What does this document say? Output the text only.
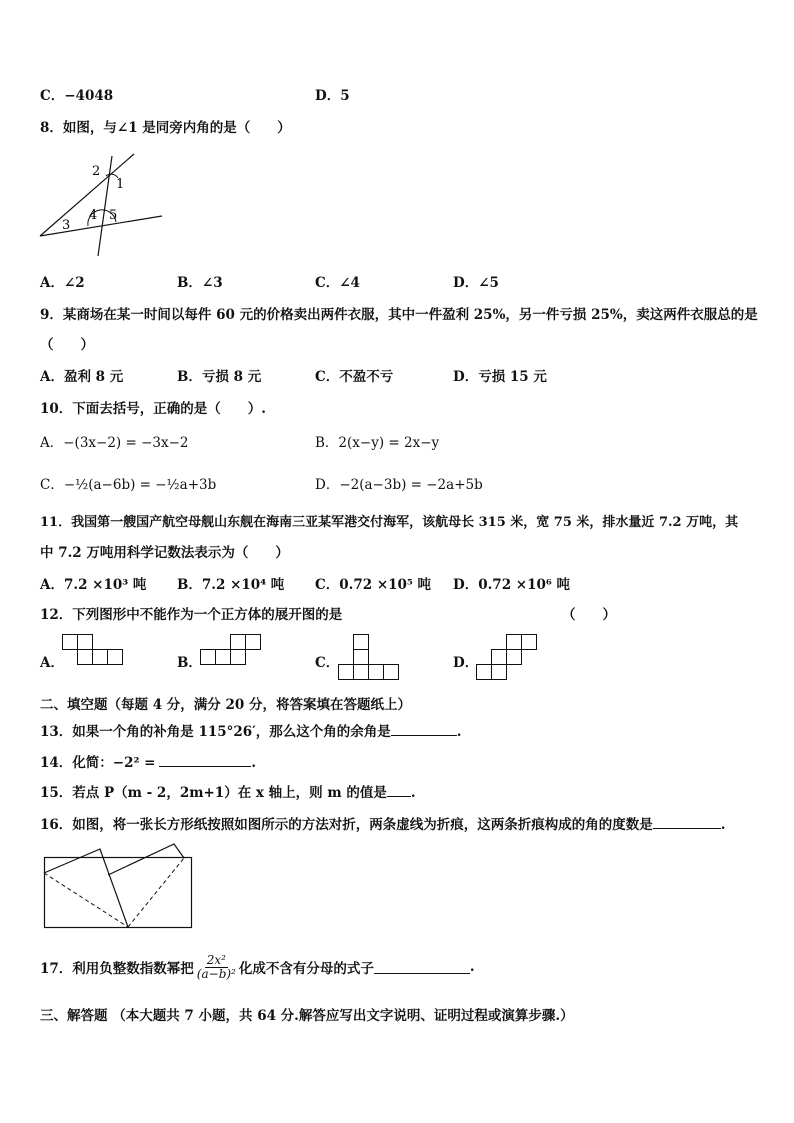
C．−4048	D．5
8．如图，与∠1 是同旁内角的是（　　）
2
1
3
4 5
A．∠2	B．∠3	C．∠4	D．∠5
9．某商场在某一时间以每件 60 元的价格卖出两件衣服，其中一件盈利 25%，另一件亏损 25%，卖这两件衣服总的是
（　　）
A．盈利 8 元	B．亏损 8 元	C．不盈不亏	D．亏损 15 元
10．下面去括号，正确的是（　　）.
A．−(3x−2) = −3x−2	B．2(x−y) = 2x−y
C．−½(a−6b) = −½a+3b	D．−2(a−3b) = −2a+5b
11．我国第一艘国产航空母舰山东舰在海南三亚某军港交付海军，该航母长 315 米，宽 75 米，排水量近 7.2 万吨，其
中 7.2 万吨用科学记数法表示为（　　）
A．7.2 ×10³ 吨 B．7.2 ×10⁴ 吨 C．0.72 ×10⁵ 吨 D．0.72 ×10⁶ 吨
12．下列图形中不能作为一个正方体的展开图的是	（　　）
A．	B．	C．	D．
二、填空题（每题 4 分，满分 20 分，将答案填在答题纸上）
13．如果一个角的补角是 115°26′，那么这个角的余角是	.
14．化简：−2² =	.
15．若点 P（m - 2，2m+1）在 x 轴上，则 m 的值是 .
16．如图，将一张长方形纸按照如图所示的方法对折，两条虚线为折痕，这两条折痕构成的角的度数是	.
17．利用负整数指数幂把 $\frac{\text{2x²}}{\text{(a−b)²}}$ 化成不含有分母的式子	.
三、解答题 （本大题共 7 小题，共 64 分.解答应写出文字说明、证明过程或演算步骤.）
